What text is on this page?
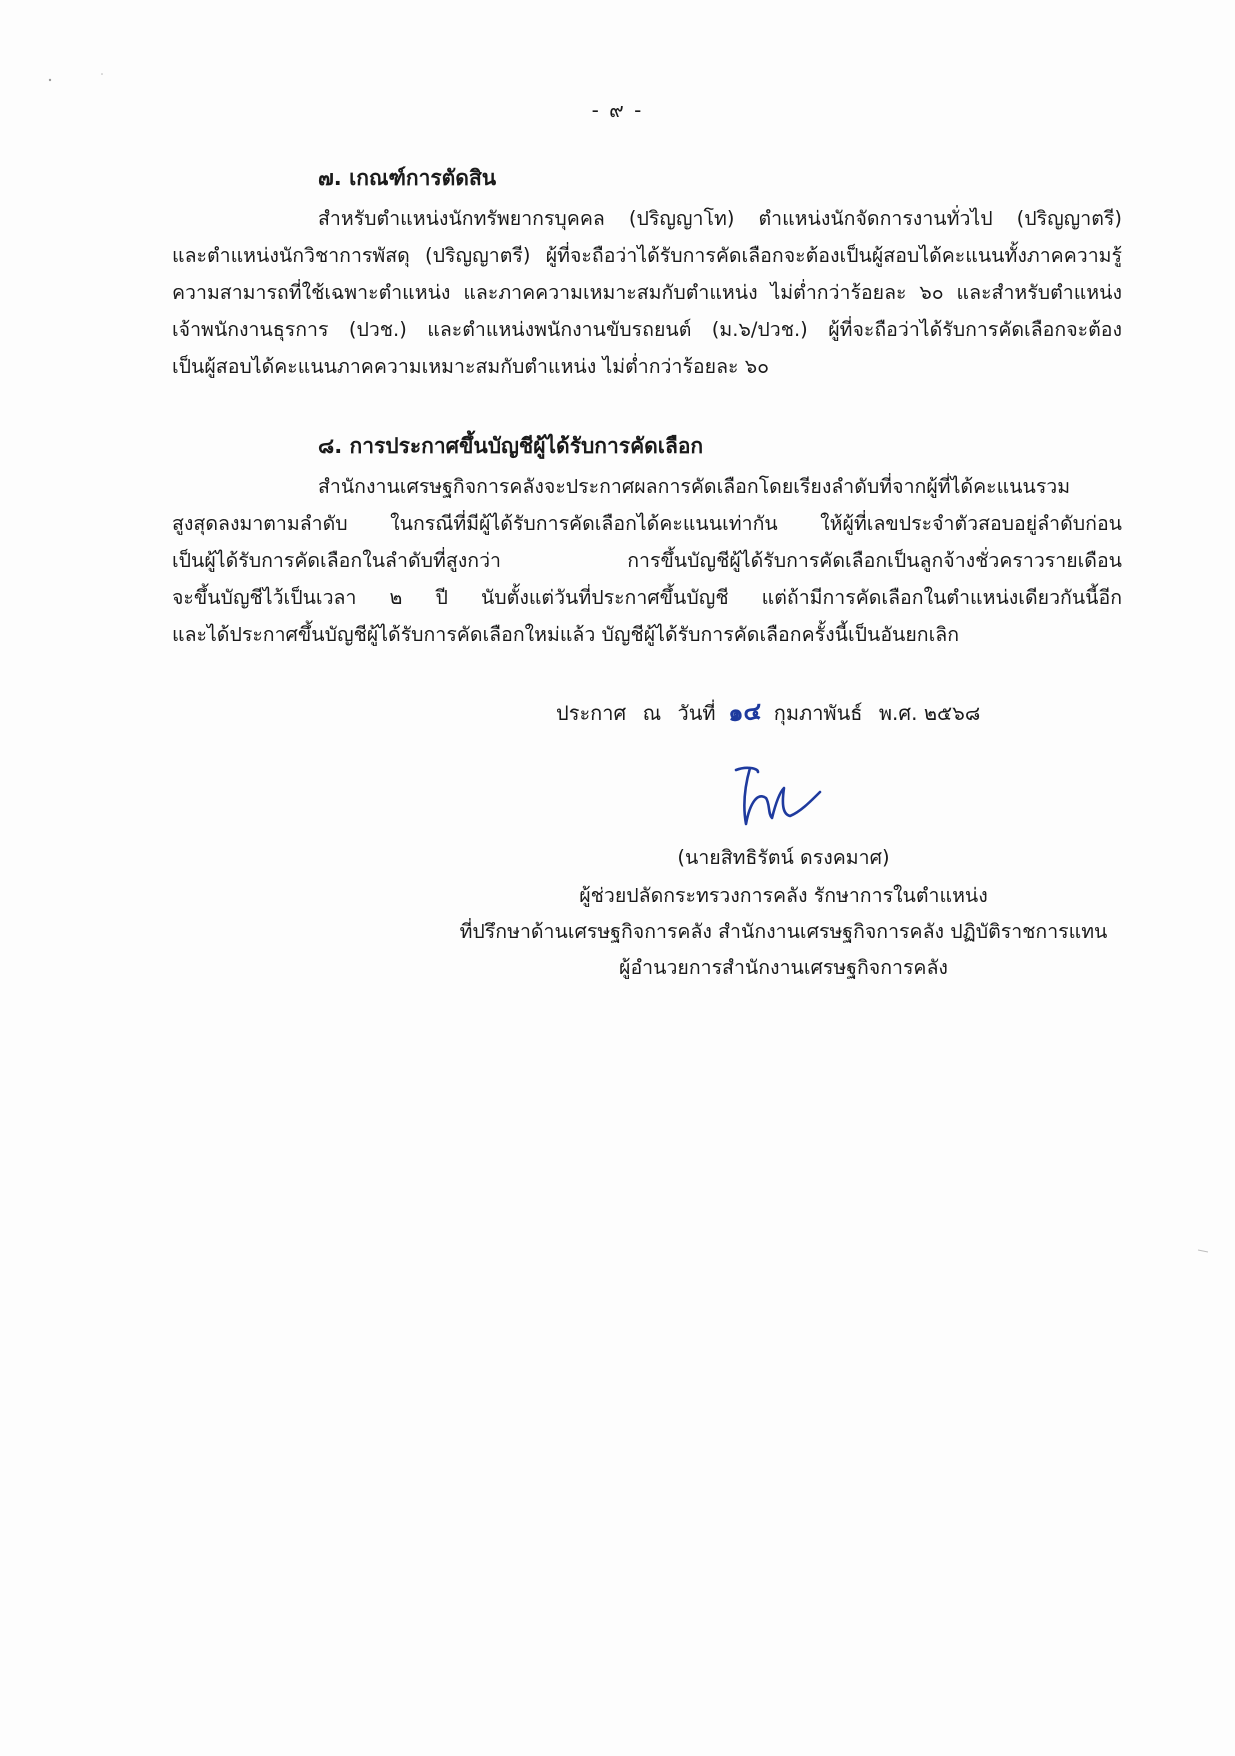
- ๙ -
๗. เกณฑ์การตัดสิน
สำหรับตำแหน่งนักทรัพยากรบุคคล (ปริญญาโท) ตำแหน่งนักจัดการงานทั่วไป (ปริญญาตรี)
และตำแหน่งนักวิชาการพัสดุ (ปริญญาตรี) ผู้ที่จะถือว่าได้รับการคัดเลือกจะต้องเป็นผู้สอบได้คะแนนทั้งภาคความรู้
ความสามารถที่ใช้เฉพาะตำแหน่ง และภาคความเหมาะสมกับตำแหน่ง ไม่ต่ำกว่าร้อยละ ๖๐ และสำหรับตำแหน่ง
เจ้าพนักงานธุรการ (ปวช.) และตำแหน่งพนักงานขับรถยนต์ (ม.๖/ปวช.) ผู้ที่จะถือว่าได้รับการคัดเลือกจะต้อง
เป็นผู้สอบได้คะแนนภาคความเหมาะสมกับตำแหน่ง ไม่ต่ำกว่าร้อยละ ๖๐
๘. การประกาศขึ้นบัญชีผู้ได้รับการคัดเลือก
สำนักงานเศรษฐกิจการคลังจะประกาศผลการคัดเลือกโดยเรียงลำดับที่จากผู้ที่ได้คะแนนรวม
สูงสุดลงมาตามลำดับ ในกรณีที่มีผู้ได้รับการคัดเลือกได้คะแนนเท่ากัน ให้ผู้ที่เลขประจำตัวสอบอยู่ลำดับก่อน
เป็นผู้ได้รับการคัดเลือกในลำดับที่สูงกว่า การขึ้นบัญชีผู้ได้รับการคัดเลือกเป็นลูกจ้างชั่วคราวรายเดือน
จะขึ้นบัญชีไว้เป็นเวลา ๒ ปี นับตั้งแต่วันที่ประกาศขึ้นบัญชี แต่ถ้ามีการคัดเลือกในตำแหน่งเดียวกันนี้อีก
และได้ประกาศขึ้นบัญชีผู้ได้รับการคัดเลือกใหม่แล้ว บัญชีผู้ได้รับการคัดเลือกครั้งนี้เป็นอันยกเลิก
ประกาศ ณ วันที่ ๑๔ กุมภาพันธ์ พ.ศ. ๒๕๖๘
(นายสิทธิรัตน์ ดรงคมาศ)
ผู้ช่วยปลัดกระทรวงการคลัง รักษาการในตำแหน่ง
ที่ปรึกษาด้านเศรษฐกิจการคลัง สำนักงานเศรษฐกิจการคลัง ปฏิบัติราชการแทน
ผู้อำนวยการสำนักงานเศรษฐกิจการคลัง
